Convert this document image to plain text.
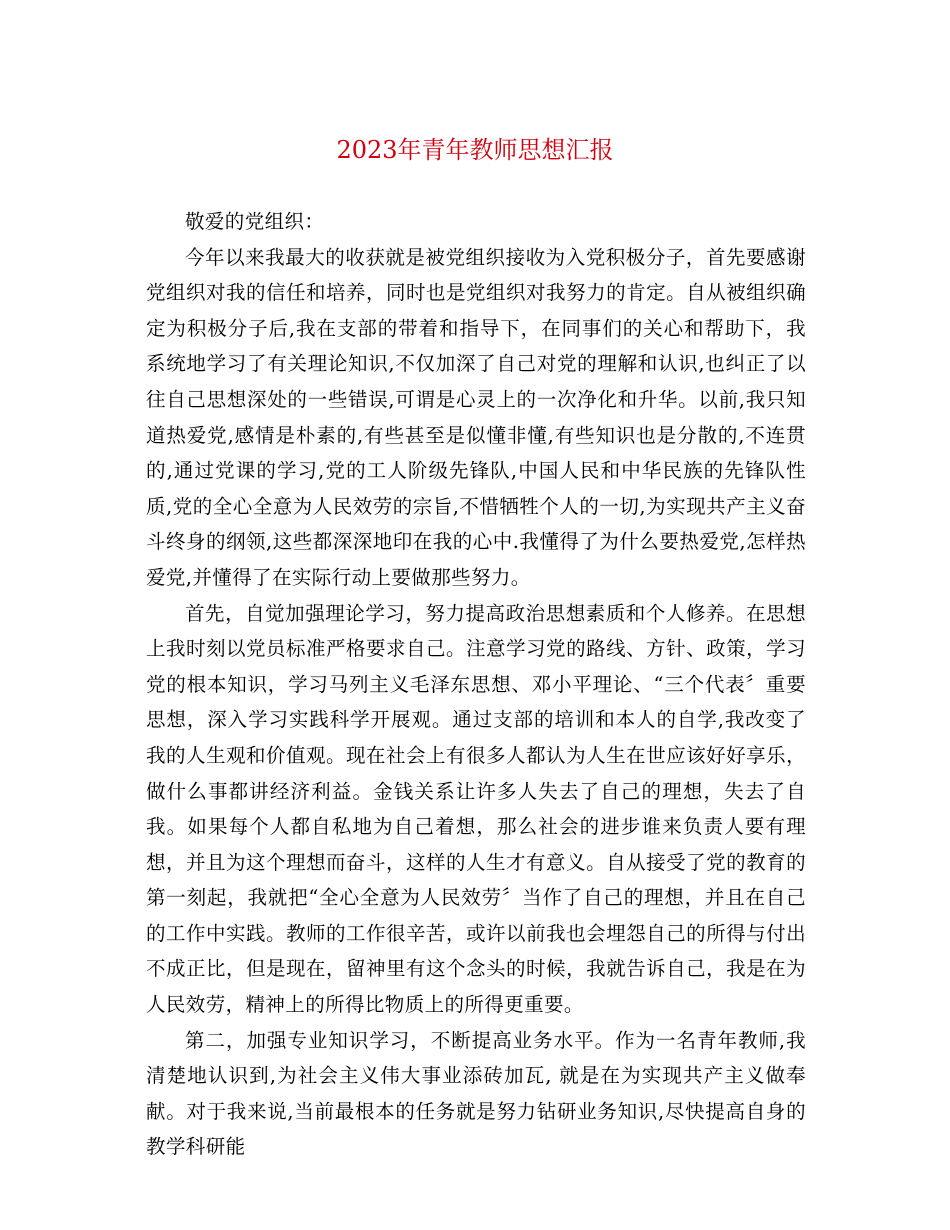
2023年青年教师思想汇报

敬爱的党组织：

今年以来我最大的收获就是被党组织接收为入党积极分子，首先要感谢党组织对我的信任和培养，同时也是党组织对我努力的肯定。自从被组织确定为积极分子后,我在支部的带着和指导下，在同事们的关心和帮助下，我系统地学习了有关理论知识,不仅加深了自己对党的理解和认识,也纠正了以往自己思想深处的一些错误,可谓是心灵上的一次净化和升华。以前,我只知道热爱党,感情是朴素的,有些甚至是似懂非懂,有些知识也是分散的,不连贯的,通过党课的学习,党的工人阶级先锋队,中国人民和中华民族的先锋队性质,党的全心全意为人民效劳的宗旨,不惜牺牲个人的一切,为实现共产主义奋斗终身的纲领,这些都深深地印在我的心中.我懂得了为什么要热爱党,怎样热爱党,并懂得了在实际行动上要做那些努力。

首先，自觉加强理论学习，努力提高政治思想素质和个人修养。在思想上我时刻以党员标准严格要求自己。注意学习党的路线、方针、政策，学习党的根本知识，学习马列主义毛泽东思想、邓小平理论、“三个代表〞重要思想，深入学习实践科学开展观。通过支部的培训和本人的自学,我改变了我的人生观和价值观。现在社会上有很多人都认为人生在世应该好好享乐，做什么事都讲经济利益。金钱关系让许多人失去了自己的理想，失去了自我。如果每个人都自私地为自己着想，那么社会的进步谁来负责人要有理想，并且为这个理想而奋斗，这样的人生才有意义。自从接受了党的教育的第一刻起，我就把“全心全意为人民效劳〞当作了自己的理想，并且在自己的工作中实践。教师的工作很辛苦，或许以前我也会埋怨自己的所得与付出不成正比，但是现在，留神里有这个念头的时候，我就告诉自己，我是在为人民效劳，精神上的所得比物质上的所得更重要。

第二，加强专业知识学习，不断提高业务水平。作为一名青年教师,我清楚地认识到,为社会主义伟大事业添砖加瓦, 就是在为实现共产主义做奉献。对于我来说,当前最根本的任务就是努力钻研业务知识,尽快提高自身的教学科研能
